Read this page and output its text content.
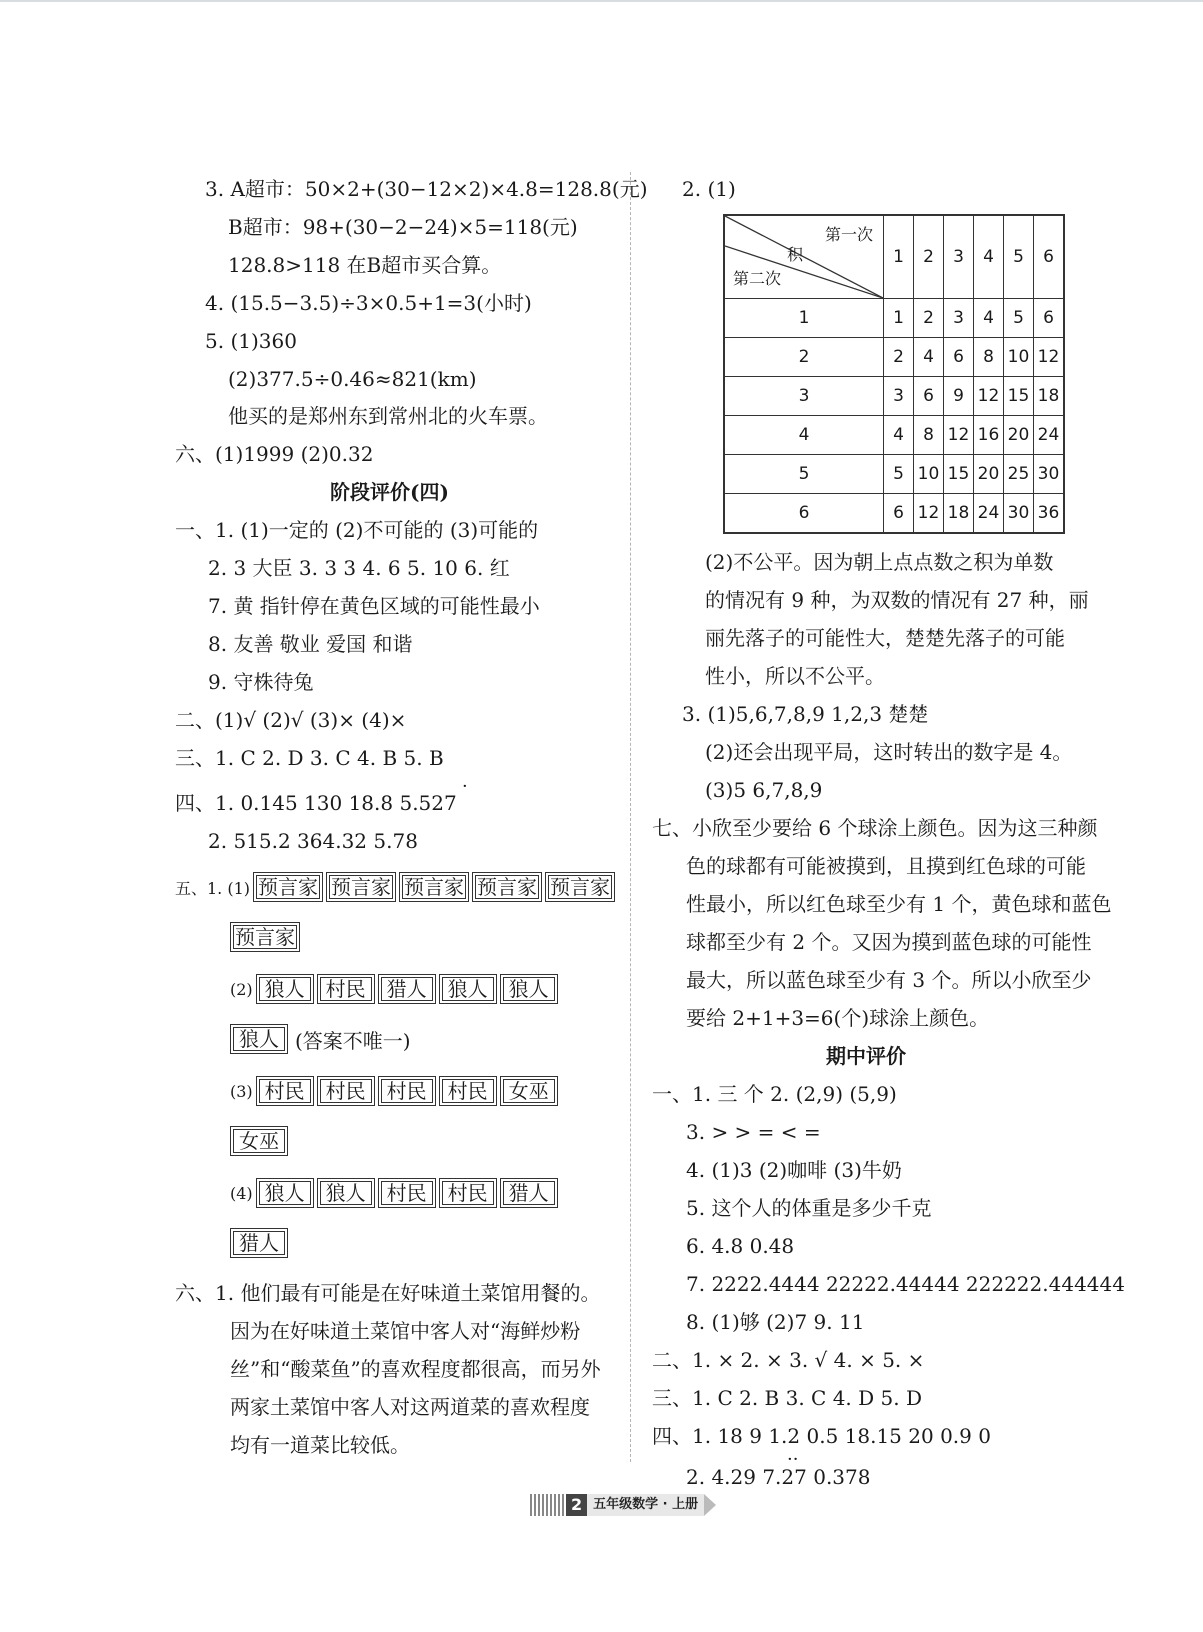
3. A超市：50×2+(30−12×2)×4.8=128.8(元)
B超市：98+(30−2−24)×5=118(元)
128.8>118 在B超市买合算。
4. (15.5−3.5)÷3×0.5+1=3(小时)
5. (1)360
(2)377.5÷0.46≈821(km)
他买的是郑州东到常州北的火车票。
六、(1)1999 (2)0.32
阶段评价(四)
一、1. (1)一定的 (2)不可能的 (3)可能的
2. 3 大臣 3. 3 3 4. 6 5. 10 6. 红
7. 黄 指针停在黄色区域的可能性最小
8. 友善 敬业 爱国 和谐
9. 守株待兔
二、(1)√ (2)√ (3)× (4)×
三、1. C 2. D 3. C 4. B 5. B
·
四、1. 0.145 130 18.8 5.527
2. 515.2 364.32 5.78
五、1. (1) 预言家 预言家 预言家 预言家 预言家
预言家
(2) 狼人	村民	猎人	狼人	狼人
狼人 (答案不唯一)
(3) 村民	村民	村民	村民	女巫
女巫
(4) 狼人	狼人	村民	村民	猎人
猎人
六、1. 他们最有可能是在好味道土菜馆用餐的。
因为在好味道土菜馆中客人对“海鲜炒粉
丝”和“酸菜鱼”的喜欢程度都很高，而另外
两家土菜馆中客人对这两道菜的喜欢程度
均有一道菜比较低。
2. (1)
第一次
积
第二次	1	2	3	4	5	6
1	1	2	3	4	5	6
2	2	4	6	8	10	12
3	3	6	9	12	15	18
4	4	8	12	16	20	24
5	5	10	15	20	25	30
6	6	12	18	24	30	36
(2)不公平。因为朝上点点数之积为单数
的情况有 9 种，为双数的情况有 27 种，丽
丽先落子的可能性大，楚楚先落子的可能
性小，所以不公平。
3. (1)5,6,7,8,9 1,2,3 楚楚
(2)还会出现平局，这时转出的数字是 4。
(3)5 6,7,8,9
七、小欣至少要给 6 个球涂上颜色。因为这三种颜
色的球都有可能被摸到，且摸到红色球的可能
性最小，所以红色球至少有 1 个，黄色球和蓝色
球都至少有 2 个。又因为摸到蓝色球的可能性
最大，所以蓝色球至少有 3 个。所以小欣至少
要给 2+1+3=6(个)球涂上颜色。
期中评价
一、1. 三 个 2. (2,9) (5,9)
3. > > = < =
4. (1)3 (2)咖啡 (3)牛奶
5. 这个人的体重是多少千克
6. 4.8 0.48
7. 2222.4444 22222.44444 222222.444444
8. (1)够 (2)7 9. 11
二、1. × 2. × 3. √ 4. × 5. ×
三、1. C 2. B 3. C 4. D 5. D
四、1. 18 9 1.2 0.5 18.15 20 0.9 0
··
2. 4.29 7.27 0.378
2 五年级数学 · 上册
